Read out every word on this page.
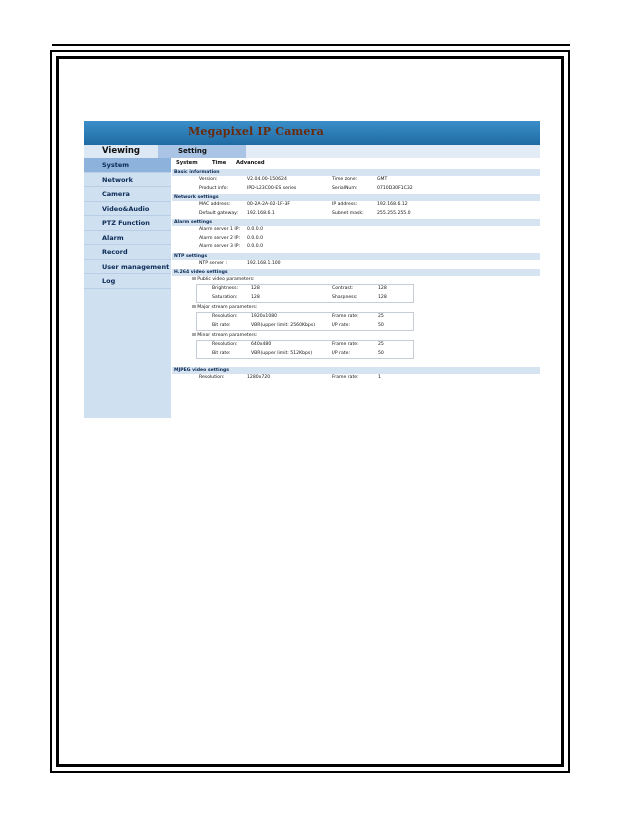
Megapixel IP Camera
Viewing	Setting
System
Network
Camera
Video&Audio
PTZ Function
Alarm
Record
User management
Log
System	Time Advanced
Basic information
Version:	V2.04.00-150624	Time zone:	GMT
Product info:	IPD-L23C00-ES series	SerialNum:	0710D30F1C32
Network settings
MAC address:	00-2A-2A-02-1F-3F	IP address:	192.168.6.12
Default gateway: 192.168.6.1	Subnet mask:	255.255.255.0
Alarm settings
Alarm server 1 IP: 0.0.0.0
Alarm server 2 IP: 0.0.0.0
Alarm server 3 IP: 0.0.0.0
NTP settings
NTP server :	192.168.1.100
H.264 video settings
⊟ Public video parameters:
Brightness:	128	Contrast:	128
Saturation:	128	Sharpness:	128
⊟ Major stream parameters:
Resolution:	1920x1080	Frame rate:	25
Bit rate:	VBR(upper limit: 2560Kbps)	I/P rate:	50
⊟ Minor stream parameters:
Resolution:	640x480	Frame rate:	25
Bit rate:	VBR(upper limit: 512Kbps)	I/P rate:	50
MJPEG video settings
Resolution:	1280x720	Frame rate:	1
